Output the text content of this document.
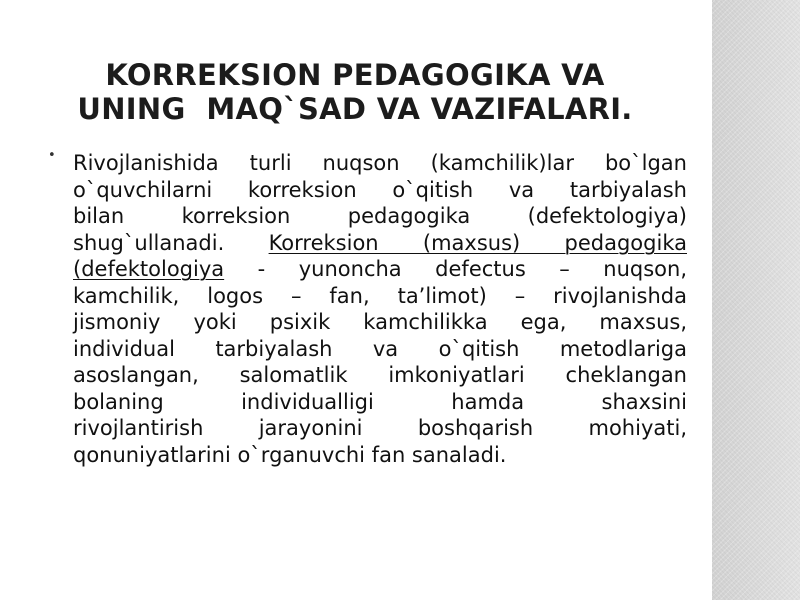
KORREKSION PEDAGOGIKA VA
UNING  MAQ`SAD VA VAZIFALARI.
• Rivojlanishida turli nuqson (kamchilik)lar bo`lgan
o`quvchilarni korreksion o`qitish va tarbiyalash
bilan korreksion pedagogika (defektologiya)
shug`ullanadi. Korreksion (maxsus) pedagogika
(defektologiya - yunoncha defectus – nuqson,
kamchilik, logos – fan, ta’limot) – rivojlanishda
jismoniy yoki psixik kamchilikka ega, maxsus,
individual tarbiyalash va o`qitish metodlariga
asoslangan, salomatlik imkoniyatlari cheklangan
bolaning individualligi hamda shaxsini
rivojlantirish jarayonini boshqarish mohiyati,
qonuniyatlarini o`rganuvchi fan sanaladi.
